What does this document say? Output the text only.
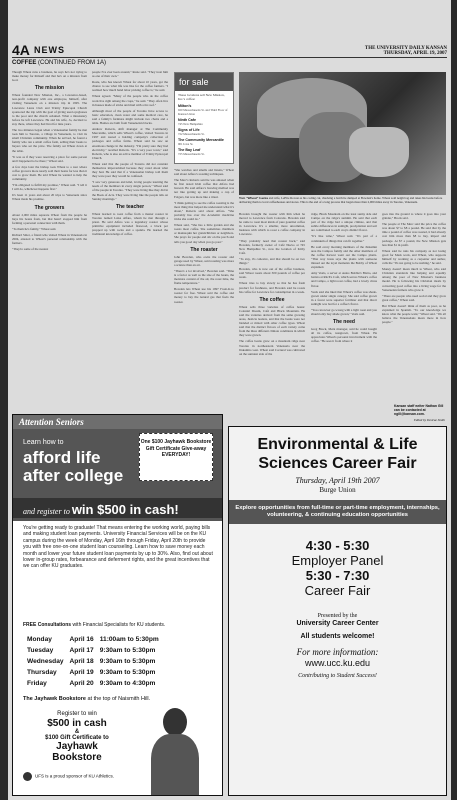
4A NEWS	THE UNIVERSITY DAILY KANSAN
THURSDAY, APRIL 19, 2007
COFFEE (CONTINUED FROM 1A)

Though Wheat runs a business, he says he's not trying to make money for himself and that he's on a mission from God.

The mission

Wheat founded New Mission, Inc., a Lawrence-based, non-profit company with one employee, himself, after visiting Venezuela on a mission trip in 1995. The Lawrence Lions Club and Trinity Episcopal Church sponsored the trip with the goal of giving used eyeglasses to the poor and the church ordained. What a missionary before he left Lawrence. He and his wife, Jo, decided to stay there, where they had lived for nine years.

The two minutes began when a Venezuelan family he met took him to Toronto, a village in Venezuela, to visit its small Christian community. When he arrived, he found a family who ran a small coffee farm, selling their beans to buyers who set the price. The family sat Wheat down at the table.

"It was as if they were reserving a place for some person and I happened to be there," Wheat said.

A few days later the bishop took Wheat to a tour where coffee growers more nearly sold their beans for less than it cost to grow them. He told Wheat he wanted to help the community.

"I'm obligated to fulfill my promise," Wheat said. "I tell it I will do, whichever happens first."

It's been 11 years and about 20 trips to Venezuela since Wheat made his promise.

The growers

About 2,000 miles separate Wheat from the people he buys his beans from, but that hasn't stopped him from forming a personal connection with them.

"To them he's family," Wheat said.

Richard Sitter, a friend who visited Wheat in Venezuela in 2004, attested to Wheat's personal relationship with the farmers.

"They're some of the neatest

people I've ever been around," Rosie said. "They treat him as one of their own."

Rosie, who has known Wheat for about 10 years, got the chance to see what life was like for the coffee farmers. "I realized how much hand labor picking coffee is," he said.

Wheat agreed. "Many of the people who do the coffee work live right among the crops," he said. "They often live in houses made of sticks and mud with a tin roof."

Although most of the people of Toronto have access to basic education, clean water and some medical care, he said a family's furniture might include two chairs and a table. Homes are built from Venezuelan blocks.

Andrew Roberts, shift manager at The Community Mercantile, which sells Wheat's coffee, visited Toronto in 1997 and toured a holding company's collection of packages and coffee farms. Wheat said he saw an enormous change in the industry. "I'm pretty sure they had electricity," recalled Roberts. "It's a very poor town," said Roberts, who is also an active member of Trinity Episcopal Church.

Wheat said that the people of Toronto did not consider themselves impoverished because they cared about what they had. He said that if a Venezuelan bishop told them they were poor they would be confused.

"I saw very generous and kind, loving people learning the needs of the members in every single person," Wheat said of the people in Toronto. "They were living like they did in the Book of Acts. They were living like the people talk on Sunday mornings."

The teacher

Wheat learned to roast coffee from a master roaster in Toronto named Luisa Alfaro, whom he met through a priest. He said Alfaro was a legendary roaster whose primitive equipment included firewood, a black pot propped up with rocks and a spatula. He learned the traditional knowledge of coffee.

"She watches and smells and listens," Wheat said about Alfaro's roasting techniques.

The Merc's Roberts said he was amazed when he first tasted Irish coffee that Alfaro had brewed. He said Alfaro's brewing method was not like getting up and making a cup of Folgers, but was more like a ritual.

"I think getting to see the coffee roasting is the most thing that helped me understand what it's about," Roberts said about Alfaro. "She probably has over the Academic medicine tricks she could do."

Wheat said, "She has a little garden and she roasts most coffee. She sometimes chambers or mannequin her grandchildren or neighbors. She prays for people and stir on the porch and tells you good day when you go past."

The roaster

John Bowden, who owns the roaster and garage used by Wheat, said roasting was more a science than an art.

"There's a lot involved," Bowden said. "Time is a factor as well as the size of the beans, the moisture content of the air, the roast time, the flame temperature."

Bowden lets Wheat use his 1997 Front-K-lo roaster for free. Wheat said the coffee and money to buy the natural gas that fuels the roaster.

Bowden brought the roaster with him when he moved to Lawrence from Colorado. Bowden said he came to roast most kinds of pure gourmet coffee in Lawrence. It's a smaller, more uncommon, business with which to roast a coffee company in Lawrence.

"They probably need that roaster back," said Bowden, formerly owner of Café Nuevo at 745 New Hampshire St., now the location of Kirby Café.

"To stay, it's cohesive, and that should be on two things."

Bowden, who is now out of the coffee business, said Wheat roasts about 300 pounds of coffee per week.

Wheat tries to buy slowly so that he has fresh product for freshness, and Bowden said he roasts his coffee for Lawrence for consumption in a week.

The coffee

Wheat sells three varieties of coffee beans: Colonial Dream, Café and Black Mountain. He said the varieties derived from the same growing areas, Justicia leaders, and that the beans were not blended or mixed with other coffee types. Wheat said that the distinct flavors of each variety come from the three different climate conditions in which they were grown.

The coffee beans grow on a mountain ridge near Toronto in northeastern Venezuela near the Jinkamin coast. Wheat said Corrural was cultivated on the sunniest side of the

ridge, Black Mountain on the least sunny side and Campo on the ridge's summit. He said that each part of the ridge had a unique climate, and that subtle differences in sunlight, precipitation and soil are contributed to each crop's distinct flavor.

"It's like wine," Wheat said. "It's part of a continuum of things that can fit together."

He said every morning members of the Jinkamin area the Campos family and the other members of the coffee harvest went out the Campo plants. "That way Jesus says the plants with someone missed out the loyal moments the Bobby of Wheat explained.

Amy Veals, a server at Aulos Bobble's Bistro, and barista at Ritch's Café, which serves Wheat's coffee and Campo, a light roast coffee, had a lovely citrus flavor.

Veals said she liked that Wheat's coffee was shade-grown under single canopy. She said coffee grown in a forest were superior fertilizer and that direct sunlight was bad for a coffee's flavor.

"You can never go wrong with a light roast and you should only buy shade grown," Veals said.

The need

Greg Brock, Merk manager, said he could bought all its coffee, nongrown, from Wheat. He appreciates Wheat's personal involvement with the coffee. "He sees it from where it

goes into the ground to where it goes into your grinder," Brock said.

The people at The Merc said the price the coffee was about $7 to $8 a pound. He said that by the time a pound of coffee was roasted, it had already cost him more than $8 to buy, import and package. At $7 a pound, the New Mission gets less than $1 in profit.

Wheat said he runs his company as not losing good for Merk work, and Wheat, who supports himself by working as a carpenter and author, calls the "It's not going to be nothing," he said.

Money doesn't mean much to Wheat, who said Christian standards like helping and equality among the poor of New Mission's business model. He is following his Christian ideals by converting good coffee into a living wage for the Venezuelan farmers who grow it.

"There are people who need social and they grow great coffee," Wheat said.

But Wheat doesn't think of them as poor, as he explained in Spanish. "To our knowledge we know what the people want," Wheat said. "We all believe the Venezuelans mean more in how people."

for sale
These locations sell New Mission, Inc.'s coffee:
Milton's
920 Massachusetts St. and Third Floor of Kansas Union
Ninth Cafe
745 New Hampshire
Signs of Life
722 Massachusetts St.
The Community Mercantile
901 Iowa St.
The Bay Leaf
725 Massachusetts St.
Tom "Wheat" Isenia and wife, LeElie Rowan as his coding cut, checking a batch he dumped at Bowden's home. Wheat sold neigh bag and takes his beans before delivering them to local coffeehouses and stores. This is the end of a long process that began more than 2,000 miles away in Toronto, Venezuela.
Kansan staff writer Nathan Gill can be contacted at ngill@kansan.com.
Edited by Desirae Smith
Attention Seniors
Learn how to
afford life after college
One $100 Jayhawk Bookstore Gift Certificate Give-away EVERYDAY!
and register to win $500 in cash!
You're getting ready to graduate! That means entering the working world, paying bills and making student loan payments. University Financial Services will be on the KU campus during the week of Monday, April 16th through Friday, April 20th to provide you with free one-on-one student loan counseling. Learn how to save money each month and lower your future student loan payments by up to 30%. Also, find out about lower in-group rates, forbearance and deferment rights, and the great incentives that we can offer KU graduates.
FREE Consultations with Financial Specialists for KU students.
Monday	April 16	11:00am to 5:30pm
Tuesday	April 17	9:30am to 5:30pm
Wednesday	April 18	9:30am to 5:30pm
Thursday	April 19	9:30am to 5:30pm
Friday	April 20	9:30am to 4:30pm
The Jayhawk Bookstore at the top of Naismith Hill.
Register to win
$500 in cash
&
$100 Gift Certificate to
Jayhawk Bookstore
UFS is a proud sponsor of KU Athletics.
Environmental & Life
Sciences Career Fair
Thursday, April 19th 2007
Burge Union
Explore opportunities from full-time or part-time employment, internships, volunteering, & continuing education opportunities
4:30 - 5:30
Employer Panel
5:30 - 7:30
Career Fair
Presented by the
University Career Center
All students welcome!
For more information:
www.ucc.ku.edu
Contributing to Student Success!
